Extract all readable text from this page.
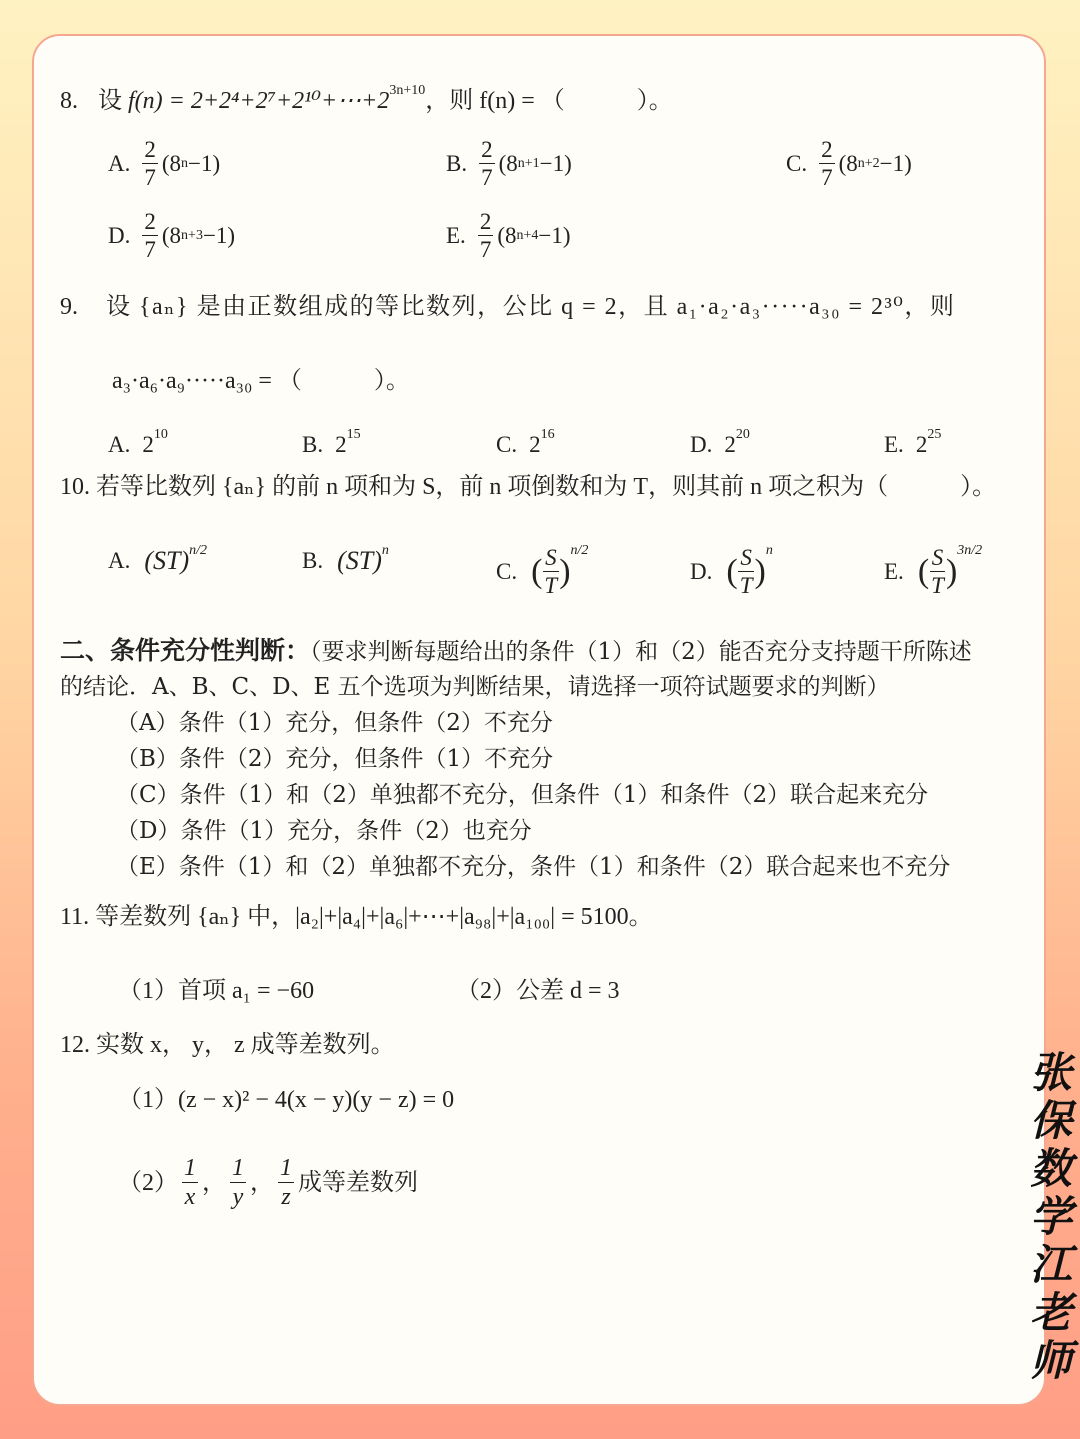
8. 设 $f(n) = 2+2^4+2^7+2^{10}+\cdots+2^{3n+10}$，则 f(n) = （　　　）。
A. $\frac{2}{7} (8$ n −1)	B. $\frac{2}{7} (8$ n+1 −1)	C. $\frac{2}{7} (8$ n+2 −1)
D. $\frac{2}{7} (8$ n+3 −1)	E. $\frac{2}{7} (8$ n+4 −1)
9. 设 {aₙ} 是由正数组成的等比数列，公比 q = 2，且 a₁·a₂·a₃·····a₃₀ = 2³⁰，则
a₃·a₆·a₉·····a₃₀ = （　　　）。
A. $2^{10}$	B. $2^{15}$	C. $2^{16}$	D. $2^{20}$	E. $2^{25}$
10. 若等比数列 {aₙ} 的前 n 项和为 S，前 n 项倒数和为 T，则其前 n 项之积为（　　　）。
A. (ST) n/2	B. (ST) n
C. ( $\frac{S}{T}$ )
n/2
D. ( $\frac{S}{T}$ )
n
E. ( $\frac{S}{T}$ )
3n/2
二、条件充分性判断：（要求判断每题给出的条件（1）和（2）能否充分支持题干所陈述
的结论．A、B、C、D、E 五个选项为判断结果，请选择一项符试题要求的判断）
（A）条件（1）充分，但条件（2）不充分
（B）条件（2）充分，但条件（1）不充分
（C）条件（1）和（2）单独都不充分，但条件（1）和条件（2）联合起来充分
（D）条件（1）充分，条件（2）也充分
（E）条件（1）和（2）单独都不充分，条件（1）和条件（2）联合起来也不充分
11. 等差数列 {aₙ} 中，|a₂|+|a₄|+|a₆|+⋯+|a₉₈|+|a₁₀₀| = 5100。
（1）首项 a₁ = −60	（2）公差 d = 3
12. 实数 x， y， z 成等差数列。
（1）(z − x)² − 4(x − y)(y − z) = 0
$(2) \frac{1}{x}$ ， $\frac{1}{y}$ ， $\frac{1}{z}$ 成等差数列	张保数学江老师
